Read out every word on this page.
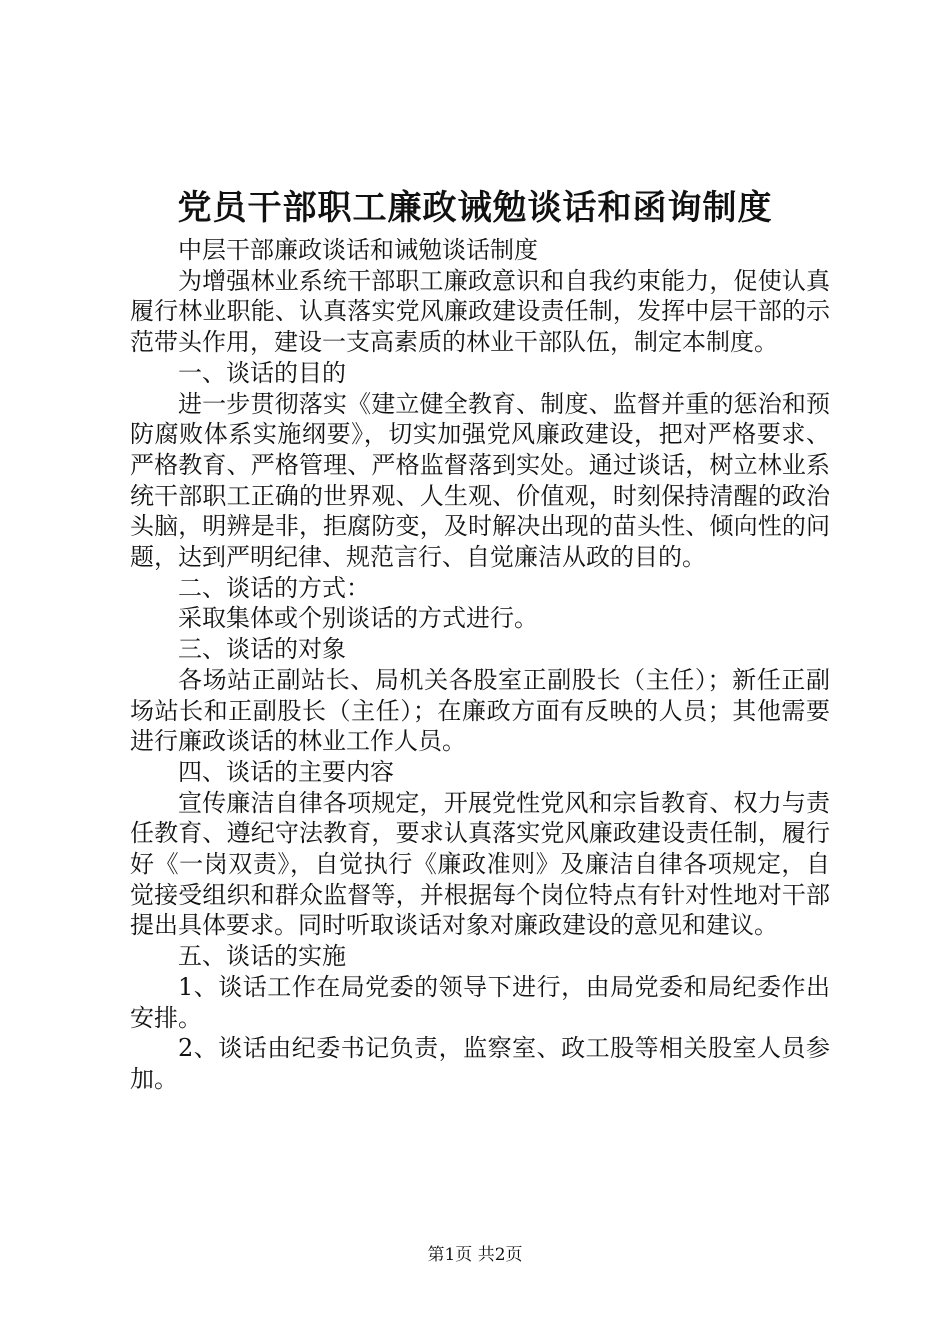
党员干部职工廉政诫勉谈话和函询制度

中层干部廉政谈话和诫勉谈话制度

为增强林业系统干部职工廉政意识和自我约束能力，促使认真履行林业职能、认真落实党风廉政建设责任制，发挥中层干部的示范带头作用，建设一支高素质的林业干部队伍，制定本制度。

一、谈话的目的

进一步贯彻落实《建立健全教育、制度、监督并重的惩治和预防腐败体系实施纲要》，切实加强党风廉政建设，把对严格要求、严格教育、严格管理、严格监督落到实处。通过谈话，树立林业系统干部职工正确的世界观、人生观、价值观，时刻保持清醒的政治头脑，明辨是非，拒腐防变，及时解决出现的苗头性、倾向性的问题，达到严明纪律、规范言行、自觉廉洁从政的目的。

二、谈话的方式：

采取集体或个别谈话的方式进行。

三、谈话的对象

各场站正副站长、局机关各股室正副股长（主任）；新任正副场站长和正副股长（主任）；在廉政方面有反映的人员；其他需要进行廉政谈话的林业工作人员。

四、谈话的主要内容

宣传廉洁自律各项规定，开展党性党风和宗旨教育、权力与责任教育、遵纪守法教育，要求认真落实党风廉政建设责任制，履行好《一岗双责》，自觉执行《廉政准则》及廉洁自律各项规定，自觉接受组织和群众监督等，并根据每个岗位特点有针对性地对干部提出具体要求。同时听取谈话对象对廉政建设的意见和建议。

五、谈话的实施

1、谈话工作在局党委的领导下进行，由局党委和局纪委作出安排。

2、谈话由纪委书记负责，监察室、政工股等相关股室人员参加。

第1页 共2页
